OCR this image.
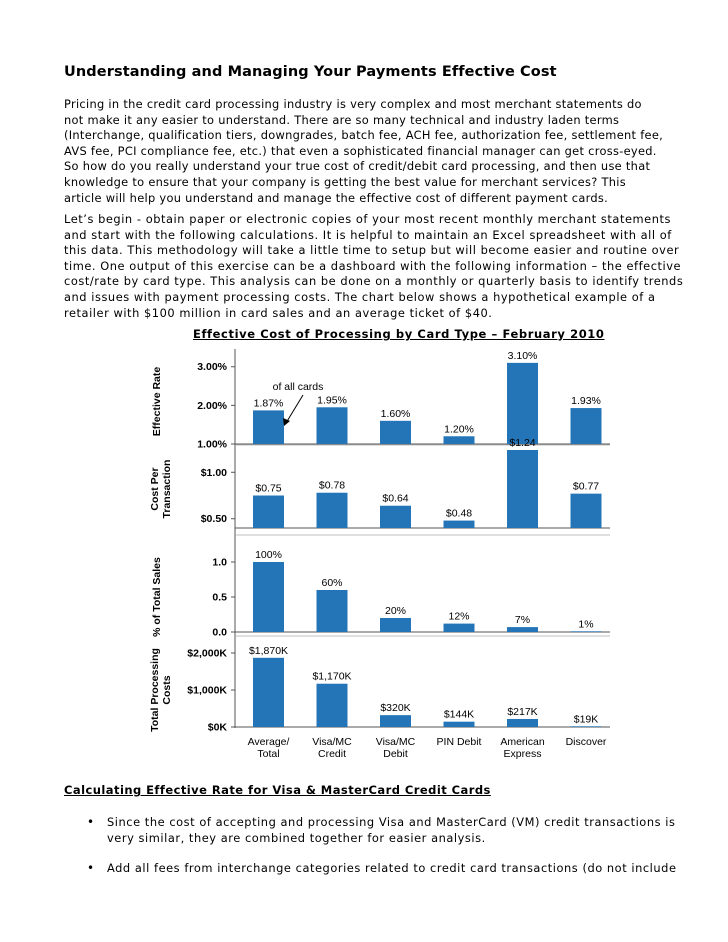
Understanding and Managing Your Payments Effective Cost
Pricing in the credit card processing industry is very complex and most merchant statements do
not make it any easier to understand. There are so many technical and industry laden terms
(Interchange, qualification tiers, downgrades, batch fee, ACH fee, authorization fee, settlement fee,
AVS fee, PCI compliance fee, etc.) that even a sophisticated financial manager can get cross-eyed.
So how do you really understand your true cost of credit/debit card processing, and then use that
knowledge to ensure that your company is getting the best value for merchant services? This
article will help you understand and manage the effective cost of different payment cards.
Let’s begin - obtain paper or electronic copies of your most recent monthly merchant statements
and start with the following calculations. It is helpful to maintain an Excel spreadsheet with all of
this data. This methodology will take a little time to setup but will become easier and routine over
time. One output of this exercise can be a dashboard with the following information – the effective
cost/rate by card type. This analysis can be done on a monthly or quarterly basis to identify trends
and issues with payment processing costs. The chart below shows a hypothetical example of a
retailer with $100 million in card sales and an average ticket of $40.
Effective Cost of Processing by Card Type – February 2010
Effective Rate	3.00%
2.00%
1.00%
1.87%	1.95%
1.60%
1.20%
3.10%
1.93%
Cost Per Transaction	$1.00
$0.50
$0.75	$0.78
$0.64
$0.48
$1.24
$0.77
% of Total Sales	1.0
0.5
0.0
100%
60%
20%	12%	7%	1%
Total Processing Costs
$2,000K
$1,000K
$0K
$1,870K
$1,170K
$320K
$144K	$217K
$19K
of all cards
Average/
Total
Visa/MC
Credit
Visa/MC
Debit
PIN Debit American
Express
Discover
Calculating Effective Rate for Visa & MasterCard Credit Cards
• Since the cost of accepting and processing Visa and MasterCard (VM) credit transactions is
very similar, they are combined together for easier analysis.
• Add all fees from interchange categories related to credit card transactions (do not include
